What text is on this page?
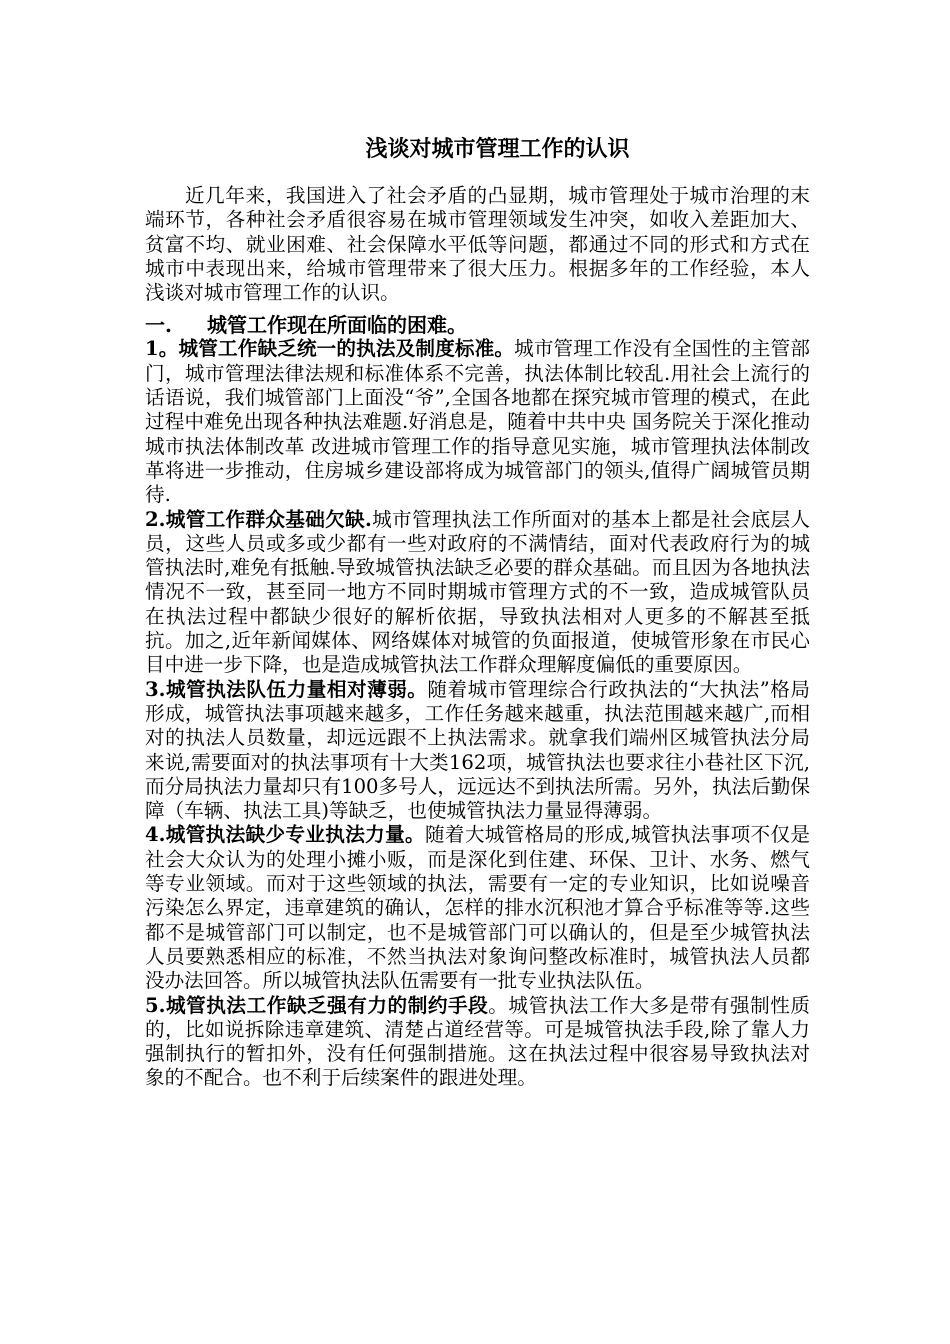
浅谈对城市管理工作的认识

近几年来，我国进入了社会矛盾的凸显期，城市管理处于城市治理的末端环节，各种社会矛盾很容易在城市管理领域发生冲突，如收入差距加大、贫富不均、就业困难、社会保障水平低等问题，都通过不同的形式和方式在城市中表现出来，给城市管理带来了很大压力。根据多年的工作经验，本人浅谈对城市管理工作的认识。

一. 城管工作现在所面临的困难。

1。城管工作缺乏统一的执法及制度标准。城市管理工作没有全国性的主管部门，城市管理法律法规和标准体系不完善，执法体制比较乱.用社会上流行的话语说，我们城管部门上面没“爷”,全国各地都在探究城市管理的模式，在此过程中难免出现各种执法难题.好消息是，随着中共中央 国务院关于深化推动城市执法体制改革 改进城市管理工作的指导意见实施，城市管理执法体制改革将进一步推动，住房城乡建设部将成为城管部门的领头,值得广阔城管员期待.

2.城管工作群众基础欠缺.城市管理执法工作所面对的基本上都是社会底层人员，这些人员或多或少都有一些对政府的不满情结，面对代表政府行为的城管执法时,难免有抵触.导致城管执法缺乏必要的群众基础。而且因为各地执法情况不一致，甚至同一地方不同时期城市管理方式的不一致，造成城管队员在执法过程中都缺少很好的解析依据，导致执法相对人更多的不解甚至抵抗。加之,近年新闻媒体、网络媒体对城管的负面报道，使城管形象在市民心目中进一步下降，也是造成城管执法工作群众理解度偏低的重要原因。

3.城管执法队伍力量相对薄弱。随着城市管理综合行政执法的“大执法”格局形成，城管执法事项越来越多，工作任务越来越重，执法范围越来越广,而相对的执法人员数量，却远远跟不上执法需求。就拿我们端州区城管执法分局来说,需要面对的执法事项有十大类162项，城管执法也要求往小巷社区下沉,而分局执法力量却只有100多号人，远远达不到执法所需。另外，执法后勤保障（车辆、执法工具)等缺乏，也使城管执法力量显得薄弱。

4.城管执法缺少专业执法力量。随着大城管格局的形成,城管执法事项不仅是社会大众认为的处理小摊小贩，而是深化到住建、环保、卫计、水务、燃气等专业领域。而对于这些领域的执法，需要有一定的专业知识，比如说噪音污染怎么界定，违章建筑的确认，怎样的排水沉积池才算合乎标准等等.这些都不是城管部门可以制定，也不是城管部门可以确认的，但是至少城管执法人员要熟悉相应的标准，不然当执法对象询问整改标准时，城管执法人员都没办法回答。所以城管执法队伍需要有一批专业执法队伍。

5.城管执法工作缺乏强有力的制约手段。城管执法工作大多是带有强制性质的，比如说拆除违章建筑、清楚占道经营等。可是城管执法手段,除了靠人力强制执行的暂扣外，没有任何强制措施。这在执法过程中很容易导致执法对象的不配合。也不利于后续案件的跟进处理。
